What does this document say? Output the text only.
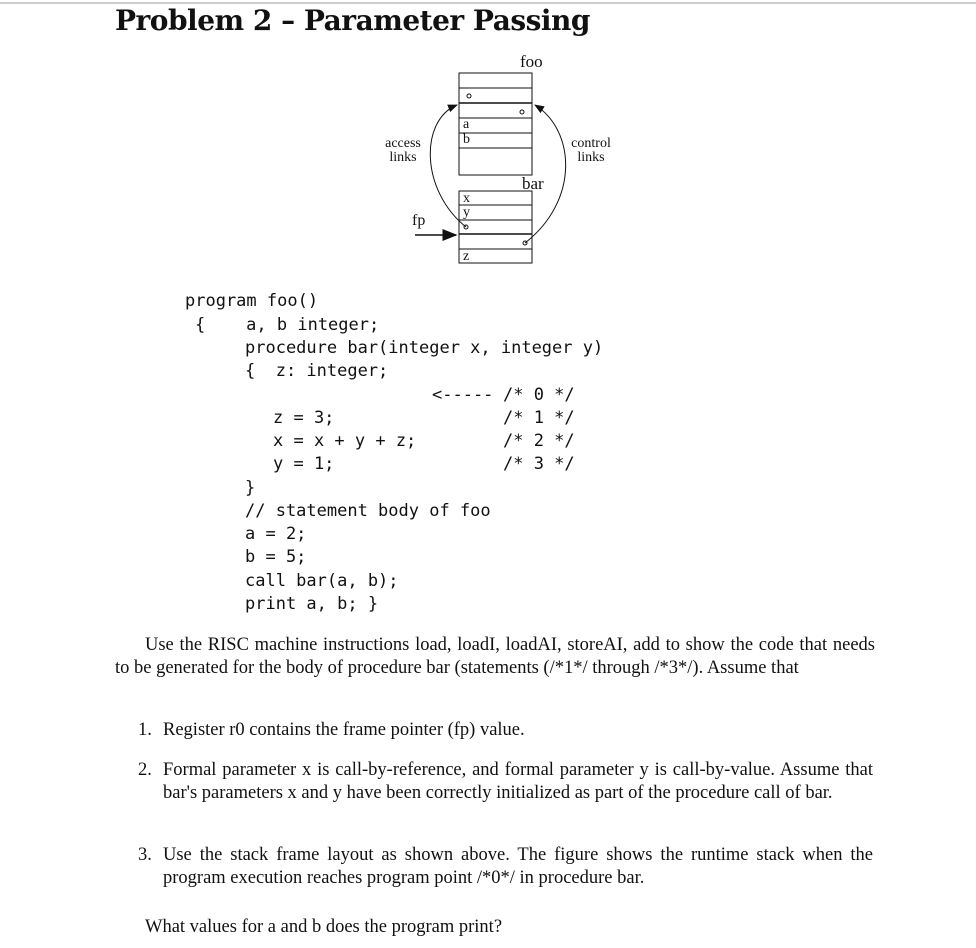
Problem 2 – Parameter Passing
foo
bar
access links
control links
fp
a
b
x
y
z
program foo()
{    a, b integer;
procedure bar(integer x, integer y)
{  z: integer;
<----- /* 0 */
z = 3;	/* 1 */
x = x + y + z;	/* 2 */
y = 1;	/* 3 */
}
// statement body of foo
a = 2;
b = 5;
call bar(a, b);
print a, b; }
Use the RISC machine instructions load, loadI, loadAI, storeAI, add to show the code that needs to be generated for the body of procedure bar (statements (/*1*/ through /*3*/). Assume that
1. Register r0 contains the frame pointer (fp) value.
2. Formal parameter x is call-by-reference, and formal parameter y is call-by-value. Assume that bar's parameters x and y have been correctly initialized as part of the procedure call of bar.
3. Use the stack frame layout as shown above. The figure shows the runtime stack when the program execution reaches program point /*0*/ in procedure bar.
What values for a and b does the program print?
